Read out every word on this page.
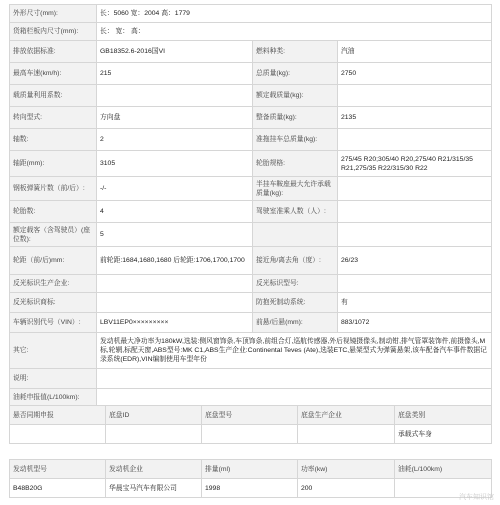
外形尺寸(mm):	长：5060 宽：2004 高：1779		
货箱栏板内尺寸(mm):	长： 宽： 高：		
排放依据标准:	GB18352.6-2016国VI	燃料种类:	汽油
最高车速(km/h):	215	总质量(kg):	2750
载质量利用系数:		额定载质量(kg):	
转向型式:	方向盘	整备质量(kg):	2135
轴数:	2	准拖挂车总质量(kg):	
轴距(mm):	3105	轮胎规格:	275/45 R20;305/40 R20,275/40 R21/315/35 R21,275/35 R22/315/30 R22
钢板弹簧片数（前/后）:	-/-	半挂车鞍座最大允许承载质量(kg):	
轮胎数:	4	驾驶室准乘人数（人）:	
额定载客（含驾驶员）(座位数):	5		
轮距（前/后)mm:	前轮距:1684,1680,1680 后轮距:1706,1700,1700	接近角/离去角（度）:	26/23
反光标识生产企业:		反光标识型号:	
反光标识商标:		防抱死制动系统:	有
车辆识别代号（VIN）:	LBV11EP0×××××××××	前悬/后悬(mm):	883/1072
其它:	发动机最大净功率为180kW,选装:侧风窗饰条,车顶饰条,前组合灯,巡航传感器,外后视镜摄像头,制动钳,排气管罩装饰件,前摄像头,M标,轮辋,标配天窗,ABS型号:MK C1,ABS生产企业:Continental Teves (Ate),选装ETC,悬架型式为弹簧悬架,该车配备汽车事件数据记录系统(EDR),VIN编制使用车型年份		
说明:			
油耗申报值(L/100km):			
悬否同期申报	底盘ID	底盘型号	底盘生产企业	底盘类别
				承载式车身
发动机型号	发动机企业	排量(ml)	功率(kw)	油耗(L/100km)
B48B20G	华晨宝马汽车有限公司	1998	200	
汽车知识馆
